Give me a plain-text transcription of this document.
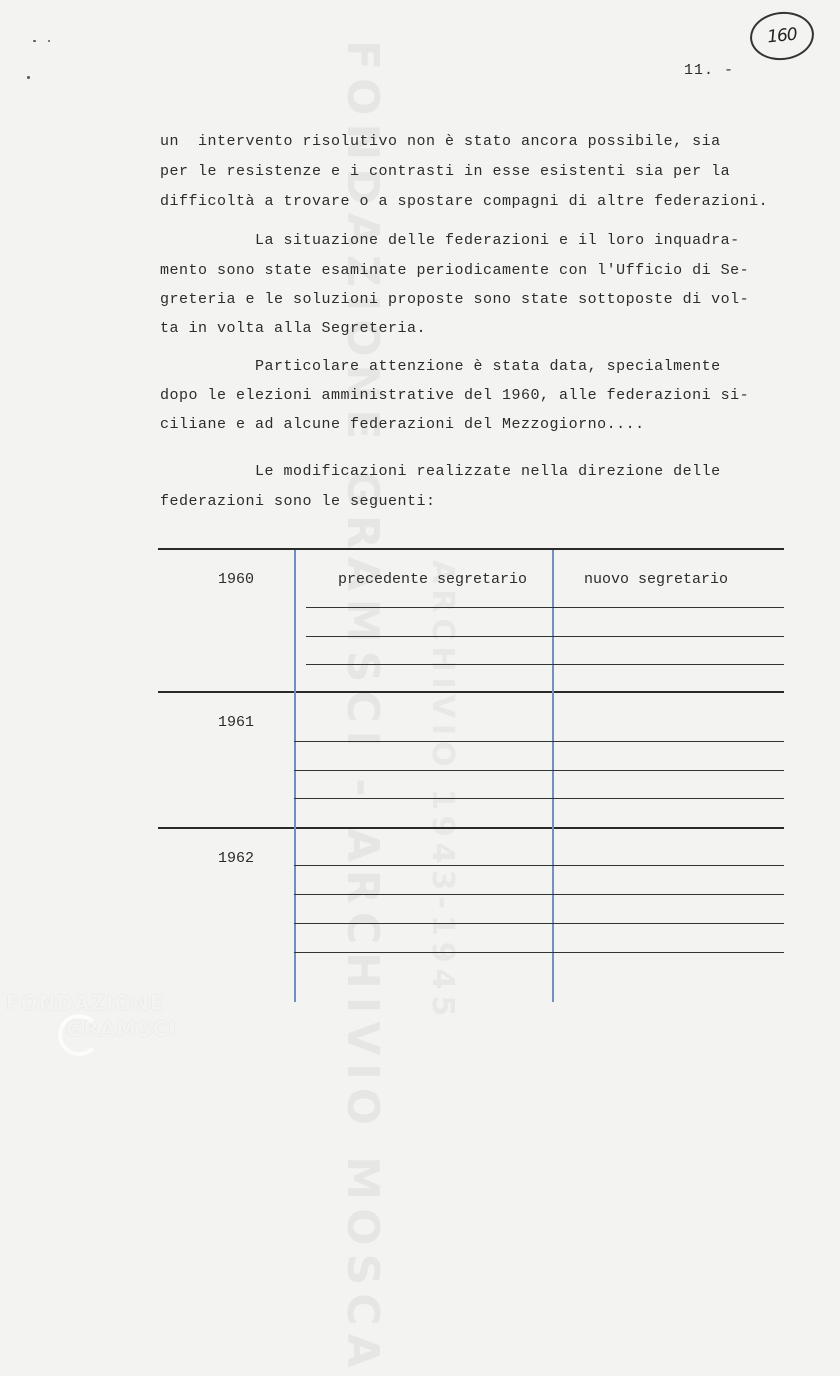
FONDAZIONE GRAMSCI - ARCHIVIO MOSCA ARCHIVIO 1943-1945
160
11. -
un  intervento risolutivo non è stato ancora possibile, sia
per le resistenze e i contrasti in esse esistenti sia per la
difficoltà a trovare o a spostare compagni di altre federazioni.
La situazione delle federazioni e il loro inquadra-
mento sono state esaminate periodicamente con l'Ufficio di Se-
greteria e le soluzioni proposte sono state sottoposte di vol-
ta in volta alla Segreteria.
Particolare attenzione è stata data, specialmente
dopo le elezioni amministrative del 1960, alle federazioni si-
ciliane e ad alcune federazioni del Mezzogiorno....
Le modificazioni realizzate nella direzione delle
federazioni sono le seguenti:
precedente segretario	nuovo segretario
1960
1961
1962
FONDAZIONE
GRAMSCI
